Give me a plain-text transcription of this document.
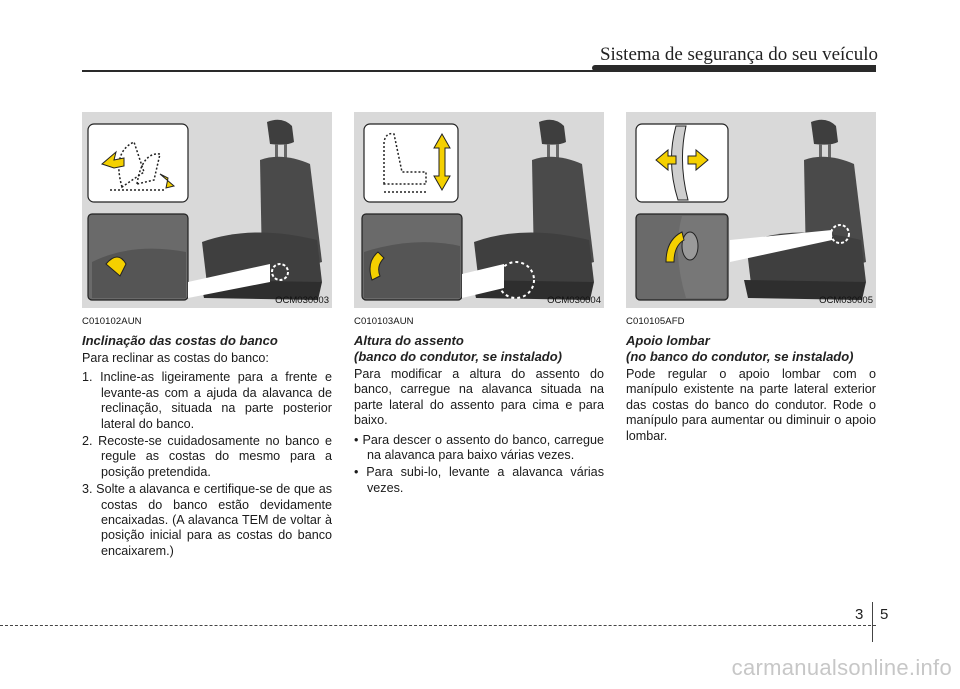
Sistema de segurança do seu veículo
OCM030003
C010102AUN
Inclinação das costas do banco
Para reclinar as costas do banco:
1. Incline-as ligeiramente para a frente e levante-as com a ajuda da alavanca de reclinação, situada na parte posterior lateral do banco.
2. Recoste-se cuidadosamente no banco e regule as costas do mesmo para a posição pretendida.
3. Solte a alavanca e certifique-se de que as costas do banco estão devidamente encaixadas. (A alavanca TEM de voltar à posição inicial para as costas do banco encaixarem.)
OCM030004
C010103AUN
Altura do assento
(banco do condutor, se instalado)
Para modificar a altura do assento do banco, carregue na alavanca situada na parte lateral do assento para cima e para baixo.
• Para descer o assento do banco, carregue na alavanca para baixo várias vezes.
• Para subi-lo, levante a alavanca várias vezes.
OCM030005
C010105AFD
Apoio lombar
(no banco do condutor, se instalado)
Pode regular o apoio lombar com o manípulo existente na parte lateral exterior das costas do banco do condutor. Rode o manípulo para aumentar ou diminuir o apoio lombar.
3 5
carmanualsonline.info
